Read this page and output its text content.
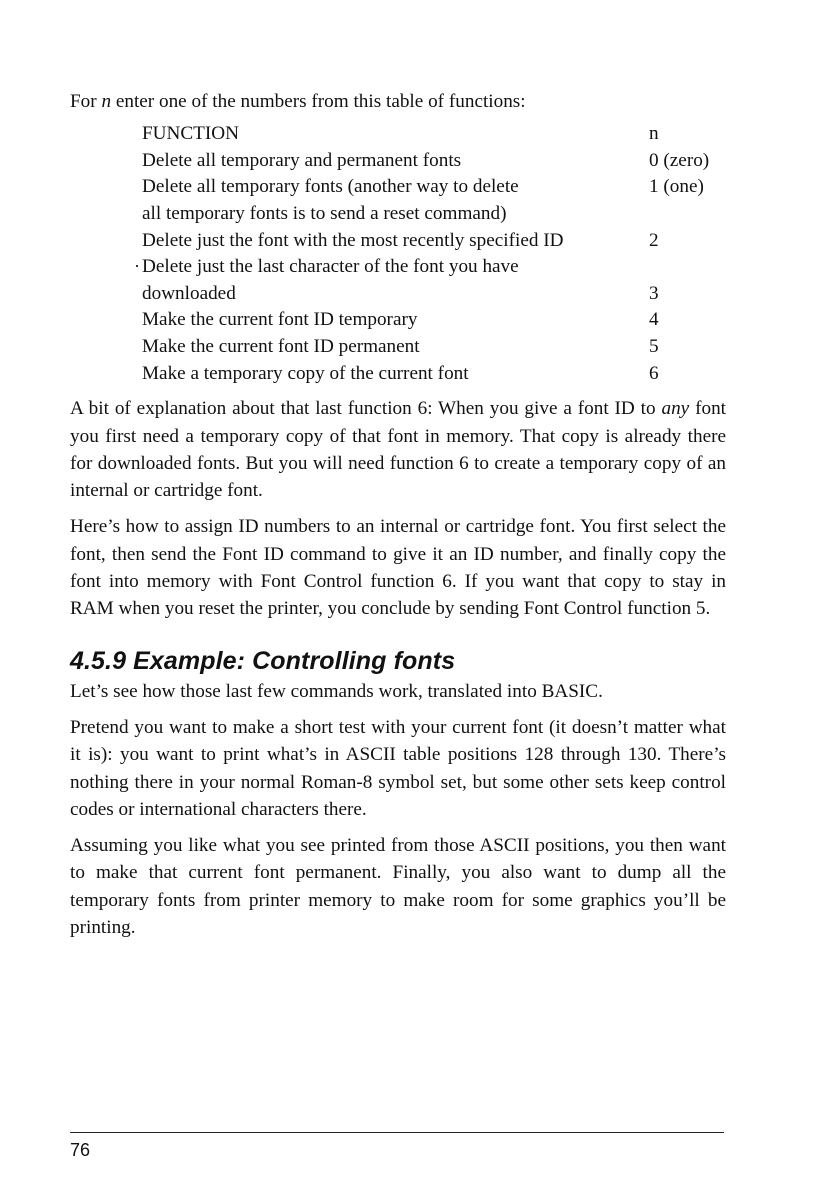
For n enter one of the numbers from this table of functions:

FUNCTION	n
Delete all temporary and permanent fonts	0 (zero)
Delete all temporary fonts (another way to delete	1 (one)
all temporary fonts is to send a reset command)	
Delete just the font with the most recently specified ID	2
Delete just the last character of the font you have	
downloaded	3
Make the current font ID temporary	4
Make the current font ID permanent	5
Make a temporary copy of the current font	6

A bit of explanation about that last function 6: When you give a font ID to any font you first need a temporary copy of that font in memory. That copy is already there for downloaded fonts. But you will need function 6 to create a temporary copy of an internal or cartridge font.

Here’s how to assign ID numbers to an internal or cartridge font. You first select the font, then send the Font ID command to give it an ID number, and finally copy the font into memory with Font Control function 6. If you want that copy to stay in RAM when you reset the printer, you conclude by sending Font Control function 5.

4.5.9 Example: Controlling fonts

Let’s see how those last few commands work, translated into BASIC.

Pretend you want to make a short test with your current font (it doesn’t matter what it is): you want to print what’s in ASCII table positions 128 through 130. There’s nothing there in your normal Roman-8 symbol set, but some other sets keep control codes or international characters there.

Assuming you like what you see printed from those ASCII positions, you then want to make that current font permanent. Finally, you also want to dump all the temporary fonts from printer memory to make room for some graphics you’ll be printing.

76
